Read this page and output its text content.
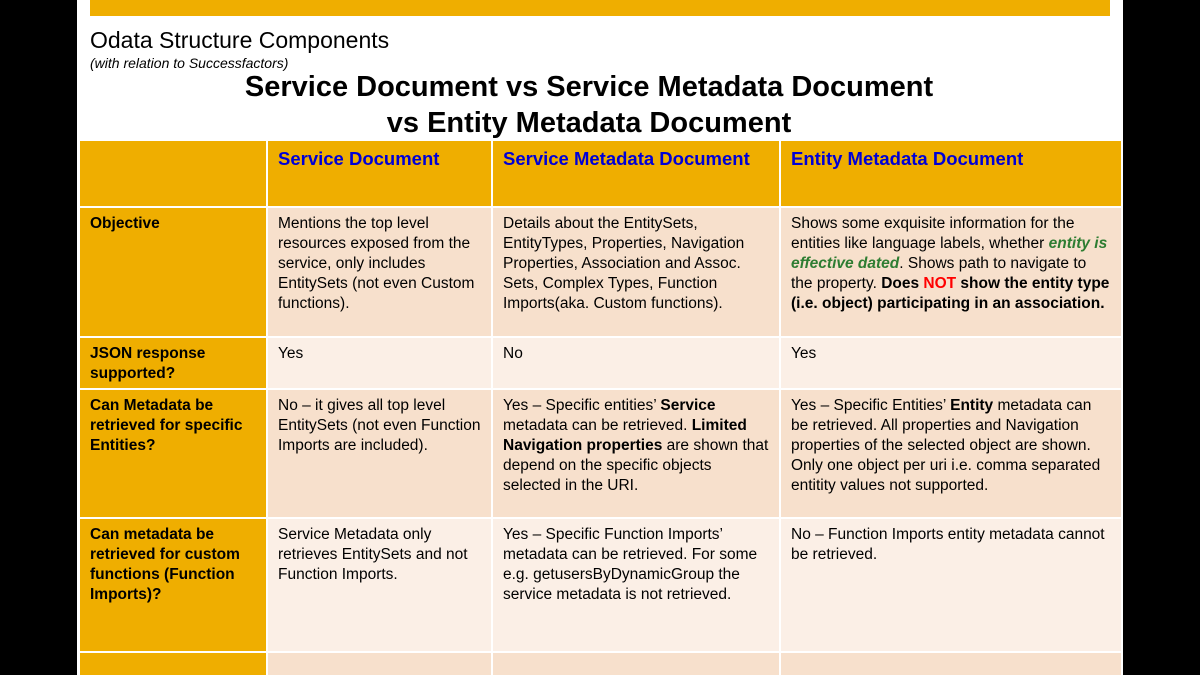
Odata Structure Components
(with relation to Successfactors)
Service Document vs Service Metadata Document
vs Entity Metadata Document
	Service Document	Service Metadata Document	Entity Metadata Document
Objective	Mentions the top level resources exposed from the service, only includes EntitySets (not even Custom functions).	Details about the EntitySets, EntityTypes, Properties, Navigation Properties, Association and Assoc. Sets, Complex Types, Function Imports(aka. Custom functions).	Shows some exquisite information for the entities like language labels, whether entity is effective dated. Shows path to navigate to the property. Does NOT show the entity type (i.e. object) participating in an association.
JSON response supported?	Yes	No	Yes
Can Metadata be retrieved for specific Entities?	No – it gives all top level EntitySets (not even Function Imports are included).	Yes – Specific entities’ Service metadata can be retrieved. Limited Navigation properties are shown that depend on the specific objects selected in the URI.	Yes – Specific Entities’ Entity metadata can be retrieved. All properties and Navigation properties of the selected object are shown. Only one object per uri i.e. comma separated entitity values not supported.
Can metadata be retrieved for custom functions (Function Imports)?	Service Metadata only retrieves EntitySets and not Function Imports.	Yes – Specific Function Imports’ metadata can be retrieved. For some e.g. getusersByDynamicGroup the service metadata is not retrieved.	No – Function Imports entity metadata cannot be retrieved.
